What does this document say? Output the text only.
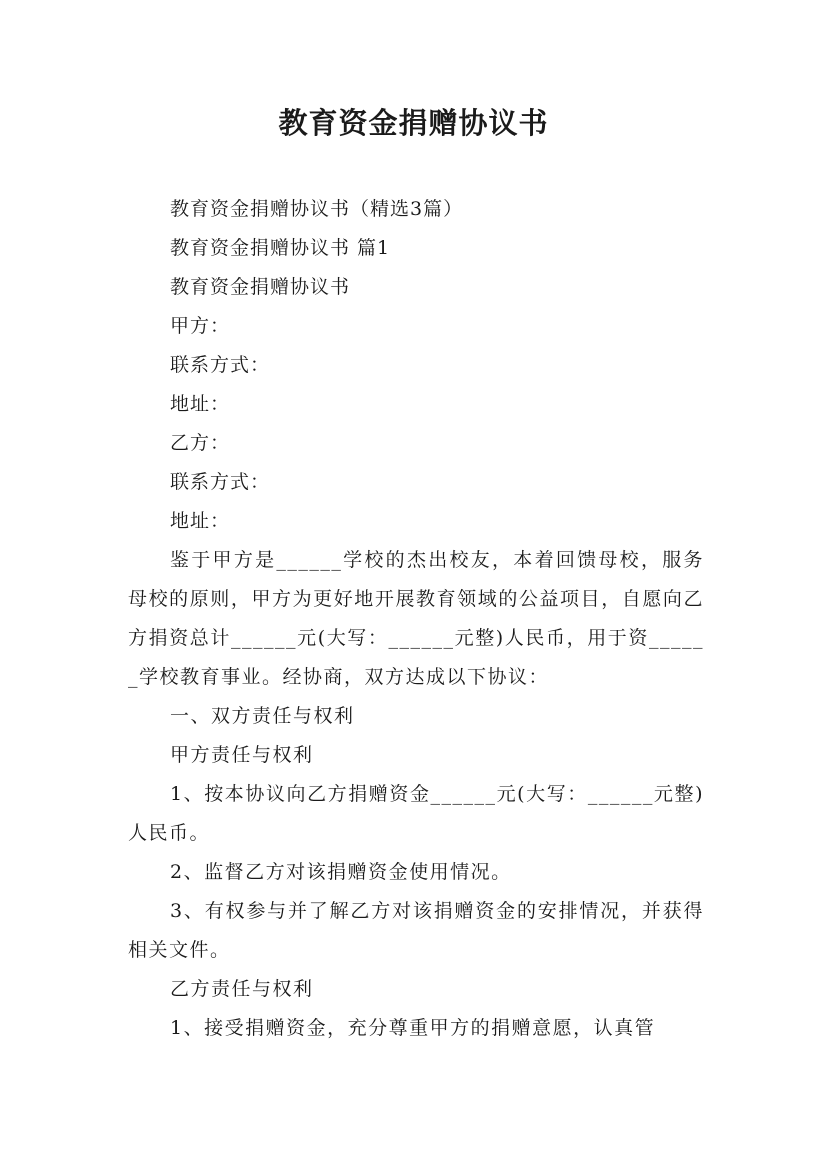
教育资金捐赠协议书

教育资金捐赠协议书（精选3篇）

教育资金捐赠协议书 篇1

教育资金捐赠协议书

甲方：

联系方式：

地址：

乙方：

联系方式：

地址：

鉴于甲方是______学校的杰出校友，本着回馈母校，服务母校的原则，甲方为更好地开展教育领域的公益项目，自愿向乙方捐资总计______元(大写：______元整)人民币，用于资______学校教育事业。经协商，双方达成以下协议：

一、双方责任与权利

甲方责任与权利

1、按本协议向乙方捐赠资金______元(大写：______元整)人民币。

2、监督乙方对该捐赠资金使用情况。

3、有权参与并了解乙方对该捐赠资金的安排情况，并获得相关文件。

乙方责任与权利

1、接受捐赠资金，充分尊重甲方的捐赠意愿，认真管
